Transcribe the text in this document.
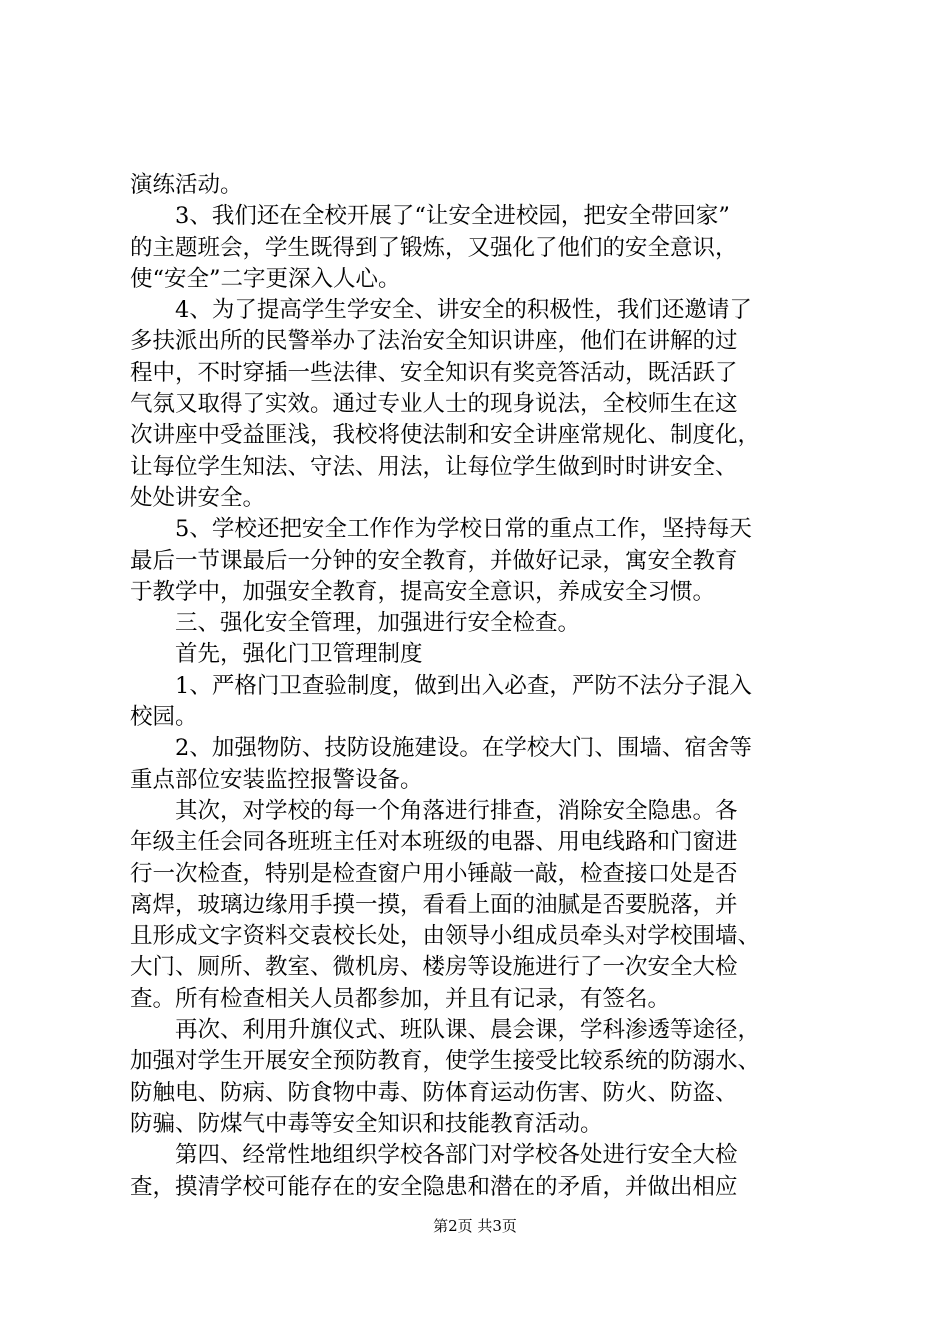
演练活动。
3、我们还在全校开展了“让安全进校园，把安全带回家”
的主题班会，学生既得到了锻炼，又强化了他们的安全意识，
使“安全”二字更深入人心。
4、为了提高学生学安全、讲安全的积极性，我们还邀请了
多扶派出所的民警举办了法治安全知识讲座，他们在讲解的过
程中，不时穿插一些法律、安全知识有奖竞答活动，既活跃了
气氛又取得了实效。通过专业人士的现身说法，全校师生在这
次讲座中受益匪浅，我校将使法制和安全讲座常规化、制度化，
让每位学生知法、守法、用法，让每位学生做到时时讲安全、
处处讲安全。
5、学校还把安全工作作为学校日常的重点工作，坚持每天
最后一节课最后一分钟的安全教育，并做好记录，寓安全教育
于教学中，加强安全教育，提高安全意识，养成安全习惯。
三、强化安全管理，加强进行安全检查。
首先，强化门卫管理制度
1、严格门卫查验制度，做到出入必查，严防不法分子混入
校园。
2、加强物防、技防设施建设。在学校大门、围墙、宿舍等
重点部位安装监控报警设备。
其次，对学校的每一个角落进行排查，消除安全隐患。各
年级主任会同各班班主任对本班级的电器、用电线路和门窗进
行一次检查，特别是检查窗户用小锤敲一敲，检查接口处是否
离焊，玻璃边缘用手摸一摸，看看上面的油腻是否要脱落，并
且形成文字资料交袁校长处，由领导小组成员牵头对学校围墙、
大门、厕所、教室、微机房、楼房等设施进行了一次安全大检
查。所有检查相关人员都参加，并且有记录，有签名。
再次、利用升旗仪式、班队课、晨会课，学科渗透等途径，
加强对学生开展安全预防教育，使学生接受比较系统的防溺水、
防触电、防病、防食物中毒、防体育运动伤害、防火、防盗、
防骗、防煤气中毒等安全知识和技能教育活动。
第四、经常性地组织学校各部门对学校各处进行安全大检
查，摸清学校可能存在的安全隐患和潜在的矛盾，并做出相应
第2页 共3页
